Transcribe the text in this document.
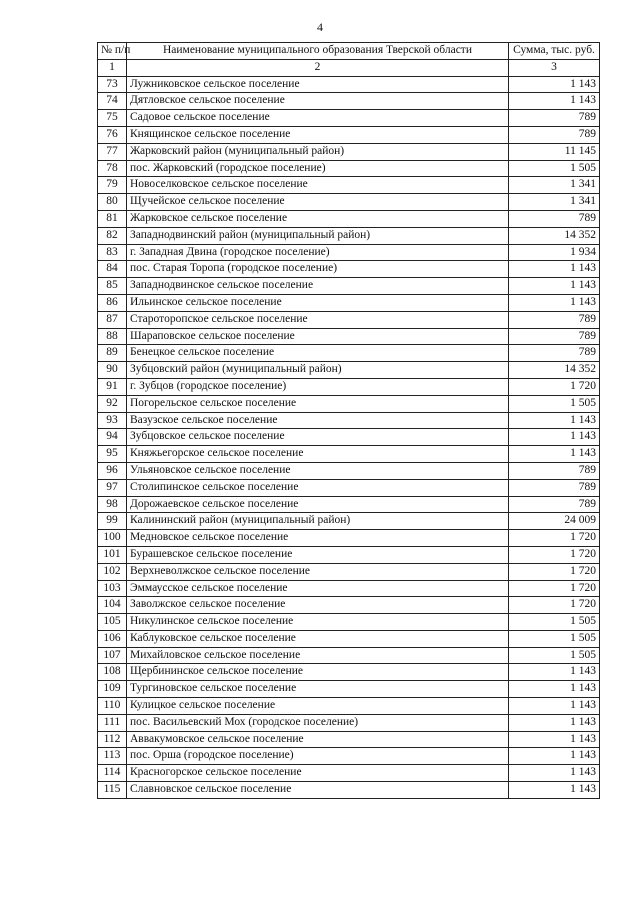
4
№ п/п	Наименование муниципального образования Тверской области	Сумма, тыс. руб.
1	2	3
73	Лужниковское сельское поселение	1 143
74	Дятловское сельское поселение	1 143
75	Садовое сельское поселение	789
76	Княщинское сельское поселение	789
77	Жарковский район (муниципальный район)	11 145
78	пос. Жарковский (городское поселение)	1 505
79	Новоселковское сельское поселение	1 341
80	Щучейское сельское поселение	1 341
81	Жарковское сельское поселение	789
82	Западнодвинский район (муниципальный район)	14 352
83	г. Западная Двина (городское поселение)	1 934
84	пос. Старая Торопа (городское поселение)	1 143
85	Западнодвинское сельское поселение	1 143
86	Ильинское сельское поселение	1 143
87	Старотoропское сельское поселение	789
88	Шараповское сельское поселение	789
89	Бенецкое сельское поселение	789
90	Зубцовский район (муниципальный район)	14 352
91	г. Зубцов (городское поселение)	1 720
92	Погорельское сельское поселение	1 505
93	Вазузское сельское поселение	1 143
94	Зубцовское сельское поселение	1 143
95	Княжьегорское сельское поселение	1 143
96	Ульяновское сельское поселение	789
97	Столипинское сельское поселение	789
98	Дорожаевское сельское поселение	789
99	Калининский район (муниципальный район)	24 009
100	Медновское сельское поселение	1 720
101	Бурашевское сельское поселение	1 720
102	Верхневолжское сельское поселение	1 720
103	Эммаусское сельское поселение	1 720
104	Заволжское сельское поселение	1 720
105	Никулинское сельское поселение	1 505
106	Каблуковское сельское поселение	1 505
107	Михайловское сельское поселение	1 505
108	Щербининское сельское поселение	1 143
109	Тургиновское сельское поселение	1 143
110	Кулицкое сельское поселение	1 143
111	пос. Васильевский Мох (городское поселение)	1 143
112	Аввакумовское сельское поселение	1 143
113	пос. Орша (городское поселение)	1 143
114	Красногорское сельское поселение	1 143
115	Славновское сельское поселение	1 143
